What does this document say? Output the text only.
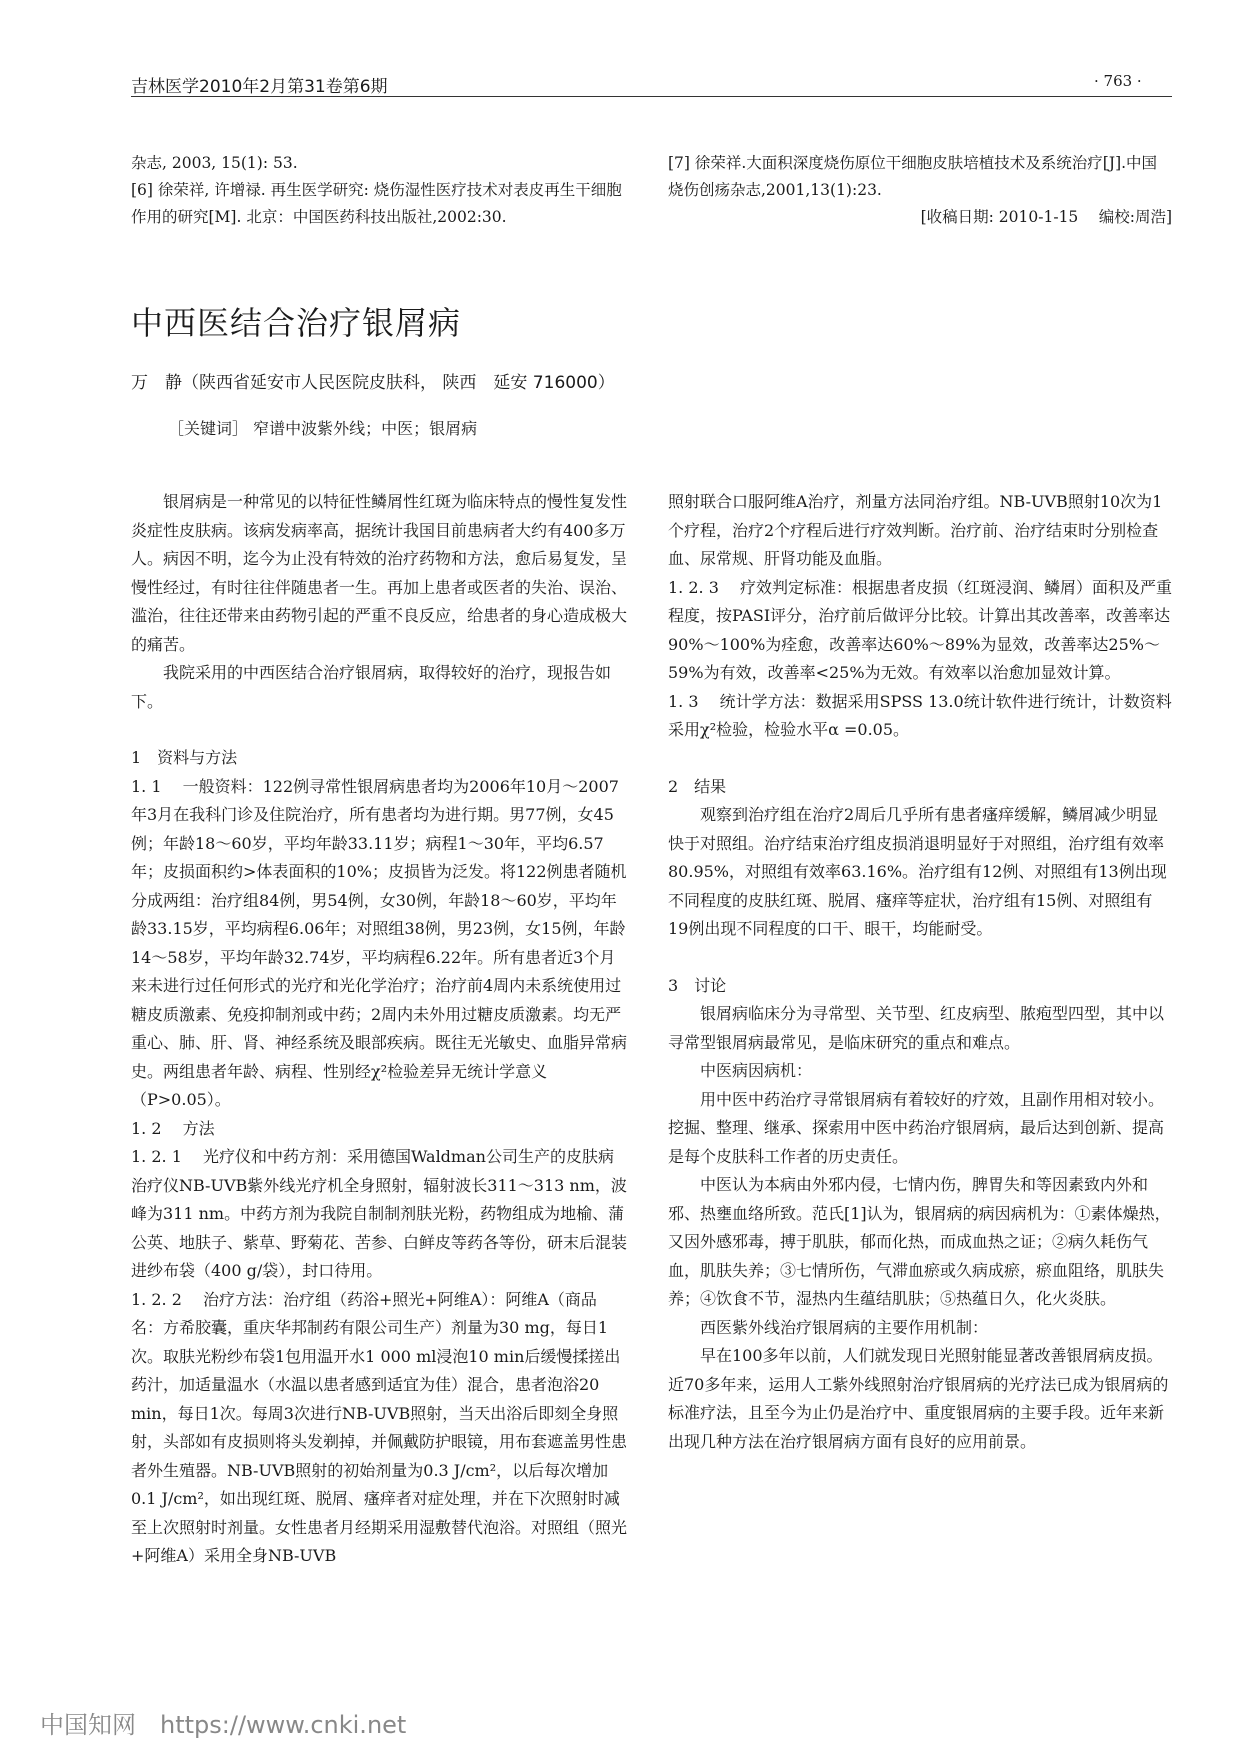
吉林医学2010年2月第31卷第6期	· 763 ·

杂志, 2003, 15(1): 53.

[6] 徐荣祥, 许增禄. 再生医学研究: 烧伤湿性医疗技术对表皮再生干细胞作用的研究[M]. 北京：中国医药科技出版社,2002:30.

[7] 徐荣祥.大面积深度烧伤原位干细胞皮肤培植技术及系统治疗[J].中国烧伤创疡杂志,2001,13(1):23.

[收稿日期: 2010-1-15　 编校:周浩]

中西医结合治疗银屑病
万　静（陕西省延安市人民医院皮肤科， 陕西　延安 716000）
［关键词］ 窄谱中波紫外线；中医；银屑病

银屑病是一种常见的以特征性鳞屑性红斑为临床特点的慢性复发性炎症性皮肤病。该病发病率高，据统计我国目前患病者大约有400多万人。病因不明，迄今为止没有特效的治疗药物和方法，愈后易复发，呈慢性经过，有时往往伴随患者一生。再加上患者或医者的失治、误治、滥治，往往还带来由药物引起的严重不良反应，给患者的身心造成极大的痛苦。

我院采用的中西医结合治疗银屑病，取得较好的治疗，现报告如下。

1　资料与方法

1. 1　 一般资料：122例寻常性银屑病患者均为2006年10月～2007年3月在我科门诊及住院治疗，所有患者均为进行期。男77例，女45例；年龄18～60岁，平均年龄33.11岁；病程1～30年，平均6.57年；皮损面积约>体表面积的10%；皮损皆为泛发。将122例患者随机分成两组：治疗组84例，男54例，女30例，年龄18～60岁，平均年龄33.15岁，平均病程6.06年；对照组38例，男23例，女15例，年龄14～58岁，平均年龄32.74岁，平均病程6.22年。所有患者近3个月来未进行过任何形式的光疗和光化学治疗；治疗前4周内未系统使用过糖皮质激素、免疫抑制剂或中药；2周内未外用过糖皮质激素。均无严重心、肺、肝、肾、神经系统及眼部疾病。既往无光敏史、血脂异常病史。两组患者年龄、病程、性别经χ²检验差异无统计学意义（P>0.05）。

1. 2　 方法

1. 2. 1　 光疗仪和中药方剂：采用德国Waldman公司生产的皮肤病治疗仪NB-UVB紫外线光疗机全身照射，辐射波长311～313 nm，波峰为311 nm。中药方剂为我院自制制剂肤光粉，药物组成为地榆、蒲公英、地肤子、紫草、野菊花、苦参、白鲜皮等药各等份，研末后混装进纱布袋（400 g/袋），封口待用。

1. 2. 2　 治疗方法：治疗组（药浴+照光+阿维A）：阿维A（商品名：方希胶囊，重庆华邦制药有限公司生产）剂量为30 mg，每日1次。取肤光粉纱布袋1包用温开水1 000 ml浸泡10 min后缓慢揉搓出药汁，加适量温水（水温以患者感到适宜为佳）混合，患者泡浴20 min，每日1次。每周3次进行NB-UVB照射，当天出浴后即刻全身照射，头部如有皮损则将头发剃掉，并佩戴防护眼镜，用布套遮盖男性患者外生殖器。NB-UVB照射的初始剂量为0.3 J/cm²，以后每次增加0.1 J/cm²，如出现红斑、脱屑、瘙痒者对症处理，并在下次照射时减至上次照射时剂量。女性患者月经期采用湿敷替代泡浴。对照组（照光+阿维A）采用全身NB-UVB

照射联合口服阿维A治疗，剂量方法同治疗组。NB-UVB照射10次为1个疗程，治疗2个疗程后进行疗效判断。治疗前、治疗结束时分别检查血、尿常规、肝肾功能及血脂。

1. 2. 3　 疗效判定标准：根据患者皮损（红斑浸润、鳞屑）面积及严重程度，按PASI评分，治疗前后做评分比较。计算出其改善率，改善率达90%～100%为痊愈，改善率达60%～89%为显效，改善率达25%～59%为有效，改善率<25%为无效。有效率以治愈加显效计算。

1. 3　 统计学方法：数据采用SPSS 13.0统计软件进行统计，计数资料采用χ²检验，检验水平α =0.05。

2　结果

观察到治疗组在治疗2周后几乎所有患者瘙痒缓解，鳞屑减少明显快于对照组。治疗结束治疗组皮损消退明显好于对照组，治疗组有效率80.95%，对照组有效率63.16%。治疗组有12例、对照组有13例出现不同程度的皮肤红斑、脱屑、瘙痒等症状，治疗组有15例、对照组有19例出现不同程度的口干、眼干，均能耐受。

3　讨论

银屑病临床分为寻常型、关节型、红皮病型、脓疱型四型，其中以寻常型银屑病最常见，是临床研究的重点和难点。

中医病因病机：

用中医中药治疗寻常银屑病有着较好的疗效，且副作用相对较小。挖掘、整理、继承、探索用中医中药治疗银屑病，最后达到创新、提高是每个皮肤科工作者的历史责任。

中医认为本病由外邪内侵，七情内伤，脾胃失和等因素致内外和邪、热壅血络所致。范氏[1]认为，银屑病的病因病机为：①素体燥热，又因外感邪毒，搏于肌肤，郁而化热，而成血热之证；②病久耗伤气血，肌肤失养；③七情所伤，气滞血瘀或久病成瘀，瘀血阻络，肌肤失养；④饮食不节，湿热内生蕴结肌肤；⑤热蕴日久，化火炎肤。

西医紫外线治疗银屑病的主要作用机制：

早在100多年以前，人们就发现日光照射能显著改善银屑病皮损。近70多年来，运用人工紫外线照射治疗银屑病的光疗法已成为银屑病的标准疗法，且至今为止仍是治疗中、重度银屑病的主要手段。近年来新出现几种方法在治疗银屑病方面有良好的应用前景。

中国知网　https://www.cnki.net
